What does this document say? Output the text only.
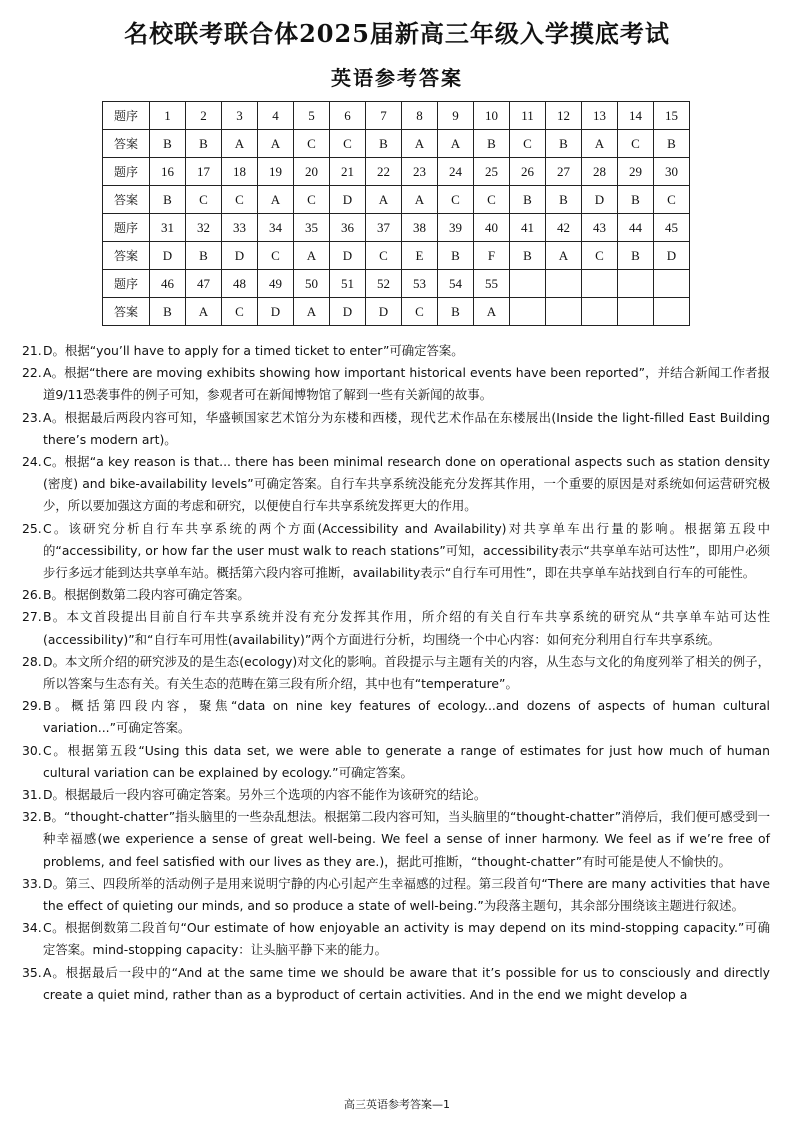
名校联考联合体2025届新高三年级入学摸底考试
英语参考答案
题序	1	2	3	4	5	6	7	8	9	10	11	12	13	14	15
答案	B	B	A	A	C	C	B	A	A	B	C	B	A	C	B
题序	16	17	18	19	20	21	22	23	24	25	26	27	28	29	30
答案	B	C	C	A	C	D	A	A	C	C	B	B	D	B	C
题序	31	32	33	34	35	36	37	38	39	40	41	42	43	44	45
答案	D	B	D	C	A	D	C	E	B	F	B	A	C	B	D
题序	46	47	48	49	50	51	52	53	54	55					
答案	B	A	C	D	A	D	D	C	B	A					
21. D。根据“you’ll have to apply for a timed ticket to enter”可确定答案。
22. A。根据“there are moving exhibits showing how important historical events have been reported”，并结合新闻工作者报道9/11恐袭事件的例子可知，参观者可在新闻博物馆了解到一些有关新闻的故事。
23. A。根据最后两段内容可知，华盛顿国家艺术馆分为东楼和西楼，现代艺术作品在东楼展出(Inside the light-filled East Building there’s modern art)。
24. C。根据“a key reason is that... there has been minimal research done on operational aspects such as station density (密度) and bike-availability levels”可确定答案。自行车共享系统没能充分发挥其作用，一个重要的原因是对系统如何运营研究极少，所以要加强这方面的考虑和研究，以便使自行车共享系统发挥更大的作用。
25. C。该研究分析自行车共享系统的两个方面(Accessibility and Availability)对共享单车出行量的影响。根据第五段中的“accessibility, or how far the user must walk to reach stations”可知，accessibility表示“共享单车站可达性”，即用户必须步行多远才能到达共享单车站。概括第六段内容可推断，availability表示“自行车可用性”，即在共享单车站找到自行车的可能性。
26. B。根据倒数第二段内容可确定答案。
27. B。本文首段提出目前自行车共享系统并没有充分发挥其作用，所介绍的有关自行车共享系统的研究从“共享单车站可达性(accessibility)”和“自行车可用性(availability)”两个方面进行分析，均围绕一个中心内容：如何充分利用自行车共享系统。
28. D。本文所介绍的研究涉及的是生态(ecology)对文化的影响。首段提示与主题有关的内容，从生态与文化的角度列举了相关的例子，所以答案与生态有关。有关生态的范畴在第三段有所介绍，其中也有“temperature”。
29. B。概括第四段内容，聚焦“data on nine key features of ecology...and dozens of aspects of human cultural variation...”可确定答案。
30. C。根据第五段“Using this data set, we were able to generate a range of estimates for just how much of human cultural variation can be explained by ecology.”可确定答案。
31. D。根据最后一段内容可确定答案。另外三个选项的内容不能作为该研究的结论。
32. B。“thought-chatter”指头脑里的一些杂乱想法。根据第二段内容可知，当头脑里的“thought-chatter”消停后，我们便可感受到一种幸福感(we experience a sense of great well-being. We feel a sense of inner harmony. We feel as if we’re free of problems, and feel satisfied with our lives as they are.)，据此可推断，“thought-chatter”有时可能是使人不愉快的。
33. D。第三、四段所举的活动例子是用来说明宁静的内心引起产生幸福感的过程。第三段首句“There are many activities that have the effect of quieting our minds, and so produce a state of well-being.”为段落主题句，其余部分围绕该主题进行叙述。
34. C。根据倒数第二段首句“Our estimate of how enjoyable an activity is may depend on its mind-stopping capacity.”可确定答案。mind-stopping capacity：让头脑平静下来的能力。
35. A。根据最后一段中的“And at the same time we should be aware that it’s possible for us to consciously and directly create a quiet mind, rather than as a byproduct of certain activities. And in the end we might develop a
高三英语参考答案—1
